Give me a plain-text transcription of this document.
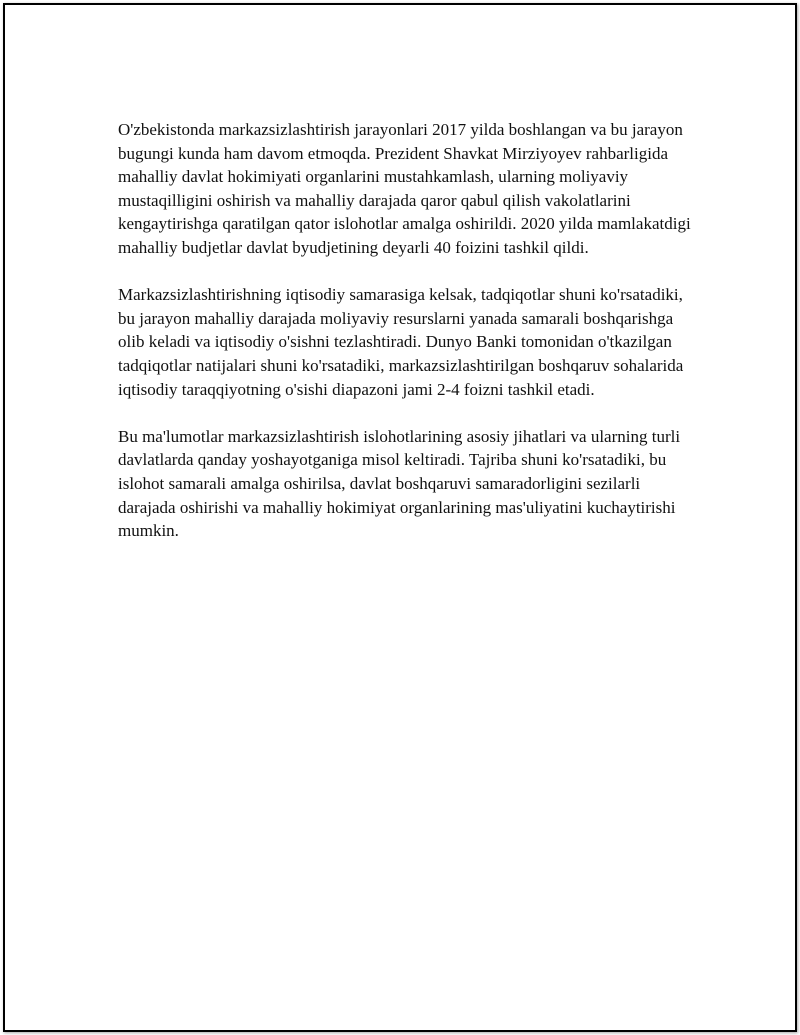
O'zbekistonda markazsizlashtirish jarayonlari 2017 yilda boshlangan va bu jarayon bugungi kunda ham davom etmoqda. Prezident Shavkat Mirziyoyev rahbarligida mahalliy davlat hokimiyati organlarini mustahkamlash, ularning moliyaviy mustaqilligini oshirish va mahalliy darajada qaror qabul qilish vakolatlarini kengaytirishga qaratilgan qator islohotlar amalga oshirildi. 2020 yilda mamlakatdigi mahalliy budjetlar davlat byudjetining deyarli 40 foizini tashkil qildi.

Markazsizlashtirishning iqtisodiy samarasiga kelsak, tadqiqotlar shuni ko'rsatadiki, bu jarayon mahalliy darajada moliyaviy resurslarni yanada samarali boshqarishga olib keladi va iqtisodiy o'sishni tezlashtiradi. Dunyo Banki tomonidan o'tkazilgan tadqiqotlar natijalari shuni ko'rsatadiki, markazsizlashtirilgan boshqaruv sohalarida iqtisodiy taraqqiyotning o'sishi diapazoni jami 2-4 foizni tashkil etadi.

Bu ma'lumotlar markazsizlashtirish islohotlarining asosiy jihatlari va ularning turli davlatlarda qanday yoshayotganiga misol keltiradi. Tajriba shuni ko'rsatadiki, bu islohot samarali amalga oshirilsa, davlat boshqaruvi samaradorligini sezilarli darajada oshirishi va mahalliy hokimiyat organlarining mas'uliyatini kuchaytirishi mumkin.
